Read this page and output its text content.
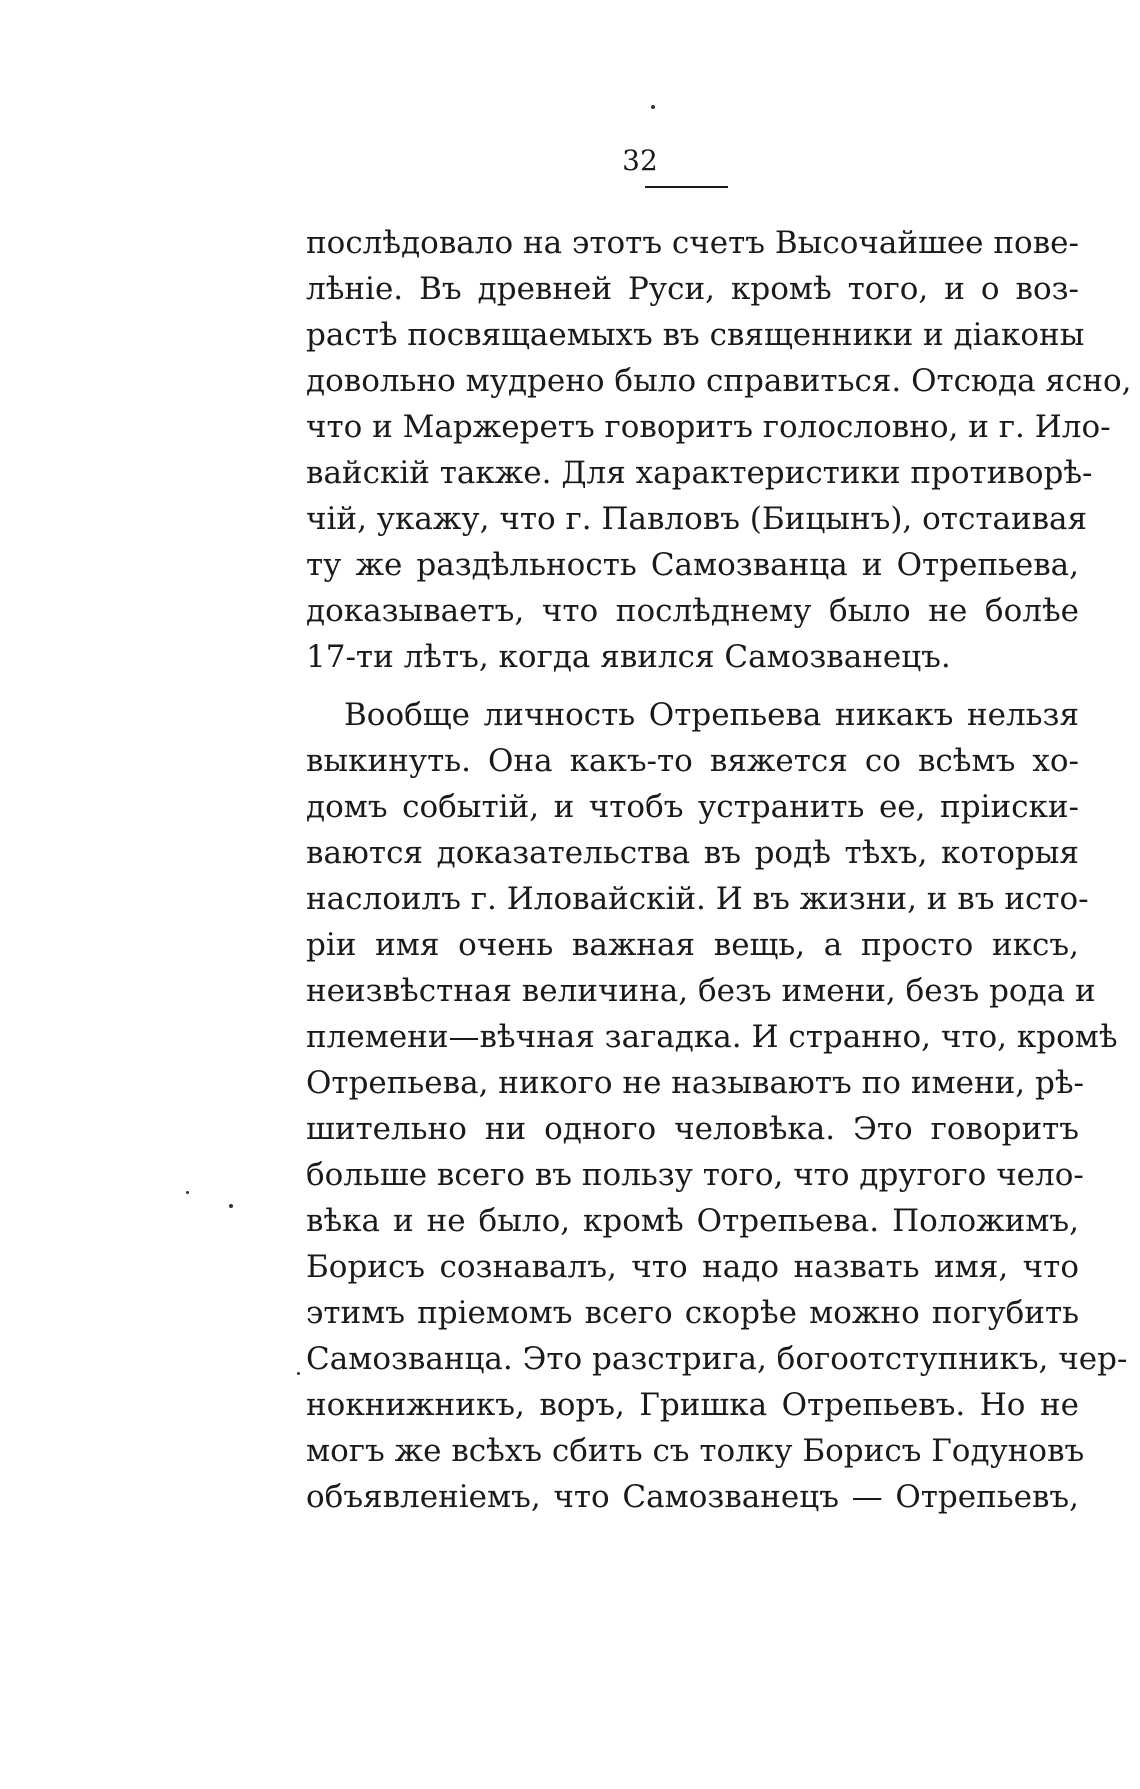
32
послѣдовало на этотъ счетъ Высочайшее пове-
лѣніе. Въ древней Руси, кромѣ того, и о воз-
растѣ посвящаемыхъ въ священники и діаконы
довольно мудрено было справиться. Отсюда ясно,
что и Маржеретъ говоритъ голословно, и г. Ило-
вайскій также. Для характеристики противорѣ-
чій, укажу, что г. Павловъ (Бицынъ), отстаивая
ту же раздѣльность Самозванца и Отрепьева,
доказываетъ, что послѣднему было не болѣе
17-ти лѣтъ, когда явился Самозванецъ.
Вообще личность Отрепьева никакъ нельзя
выкинуть. Она какъ-то вяжется со всѣмъ хо-
домъ событій, и чтобъ устранить ее, пріиски-
ваются доказательства въ родѣ тѣхъ, которыя
наслоилъ г. Иловайскій. И въ жизни, и въ исто-
ріи имя очень важная вещь, а просто иксъ,
неизвѣстная величина, безъ имени, безъ рода и
племени—вѣчная загадка. И странно, что, кромѣ
Отрепьева, никого не называютъ по имени, рѣ-
шительно ни одного человѣка. Это говоритъ
больше всего въ пользу того, что другого чело-
вѣка и не было, кромѣ Отрепьева. Положимъ,
Борисъ сознавалъ, что надо назвать имя, что
этимъ пріемомъ всего скорѣе можно погубить
Самозванца. Это разстрига, богоотступникъ, чер-
нокнижникъ, воръ, Гришка Отрепьевъ. Но не
могъ же всѣхъ сбить съ толку Борисъ Годуновъ
объявленіемъ, что Самозванецъ — Отрепьевъ,
